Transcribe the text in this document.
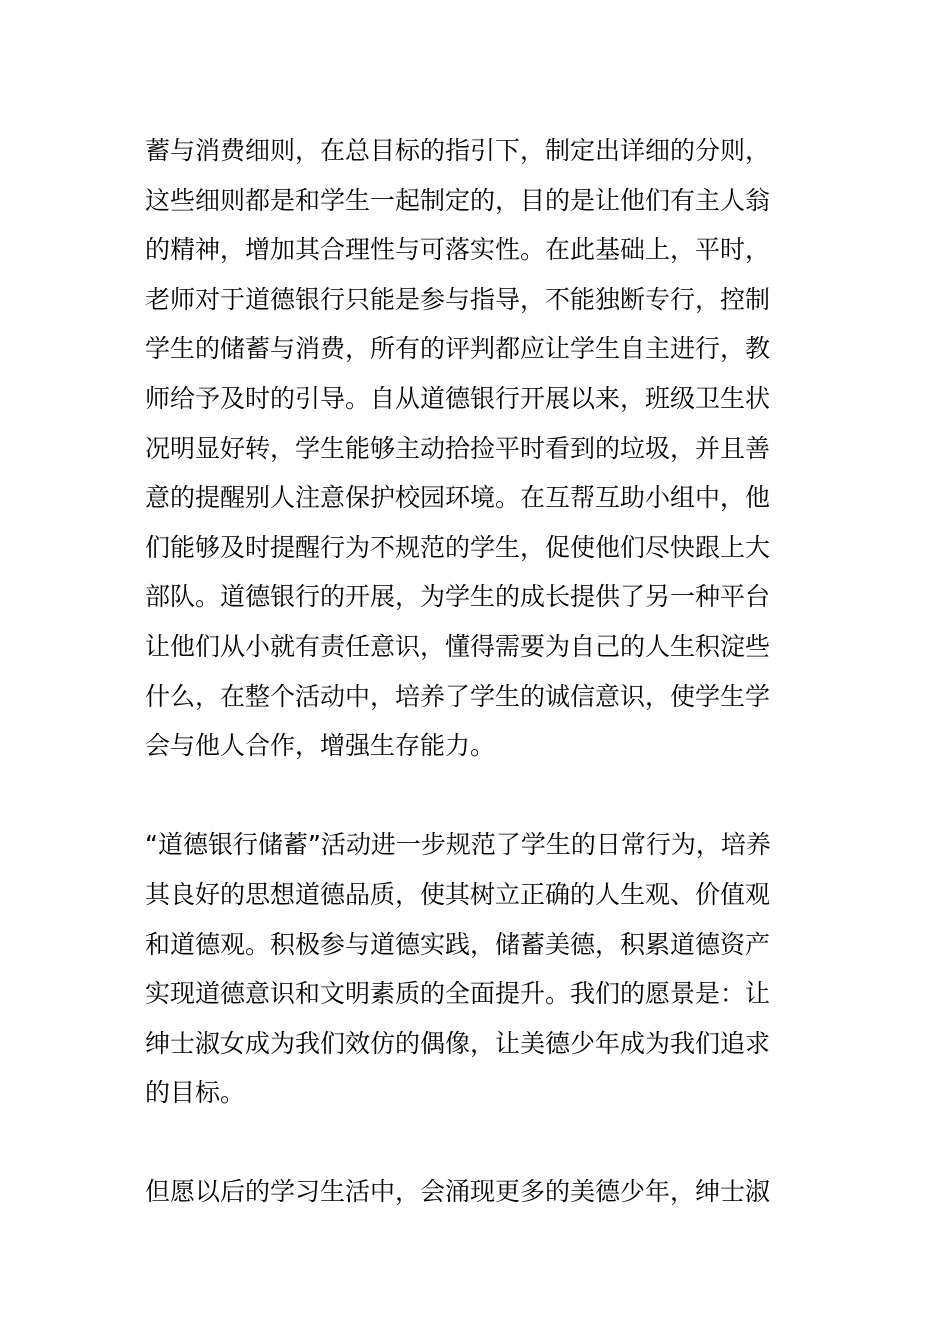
蓄与消费细则，在总目标的指引下，制定出详细的分则，
这些细则都是和学生一起制定的，目的是让他们有主人翁
的精神，增加其合理性与可落实性。在此基础上，平时，
老师对于道德银行只能是参与指导，不能独断专行，控制
学生的储蓄与消费，所有的评判都应让学生自主进行，教
师给予及时的引导。自从道德银行开展以来，班级卫生状
况明显好转，学生能够主动拾捡平时看到的垃圾，并且善
意的提醒别人注意保护校园环境。在互帮互助小组中，他
们能够及时提醒行为不规范的学生，促使他们尽快跟上大
部队。道德银行的开展，为学生的成长提供了另一种平台
让他们从小就有责任意识，懂得需要为自己的人生积淀些
什么，在整个活动中，培养了学生的诚信意识，使学生学
会与他人合作，增强生存能力。
“道德银行储蓄”活动进一步规范了学生的日常行为，培养
其良好的思想道德品质，使其树立正确的人生观、价值观
和道德观。积极参与道德实践，储蓄美德，积累道德资产
实现道德意识和文明素质的全面提升。我们的愿景是：让
绅士淑女成为我们效仿的偶像，让美德少年成为我们追求
的目标。
但愿以后的学习生活中，会涌现更多的美德少年，绅士淑
